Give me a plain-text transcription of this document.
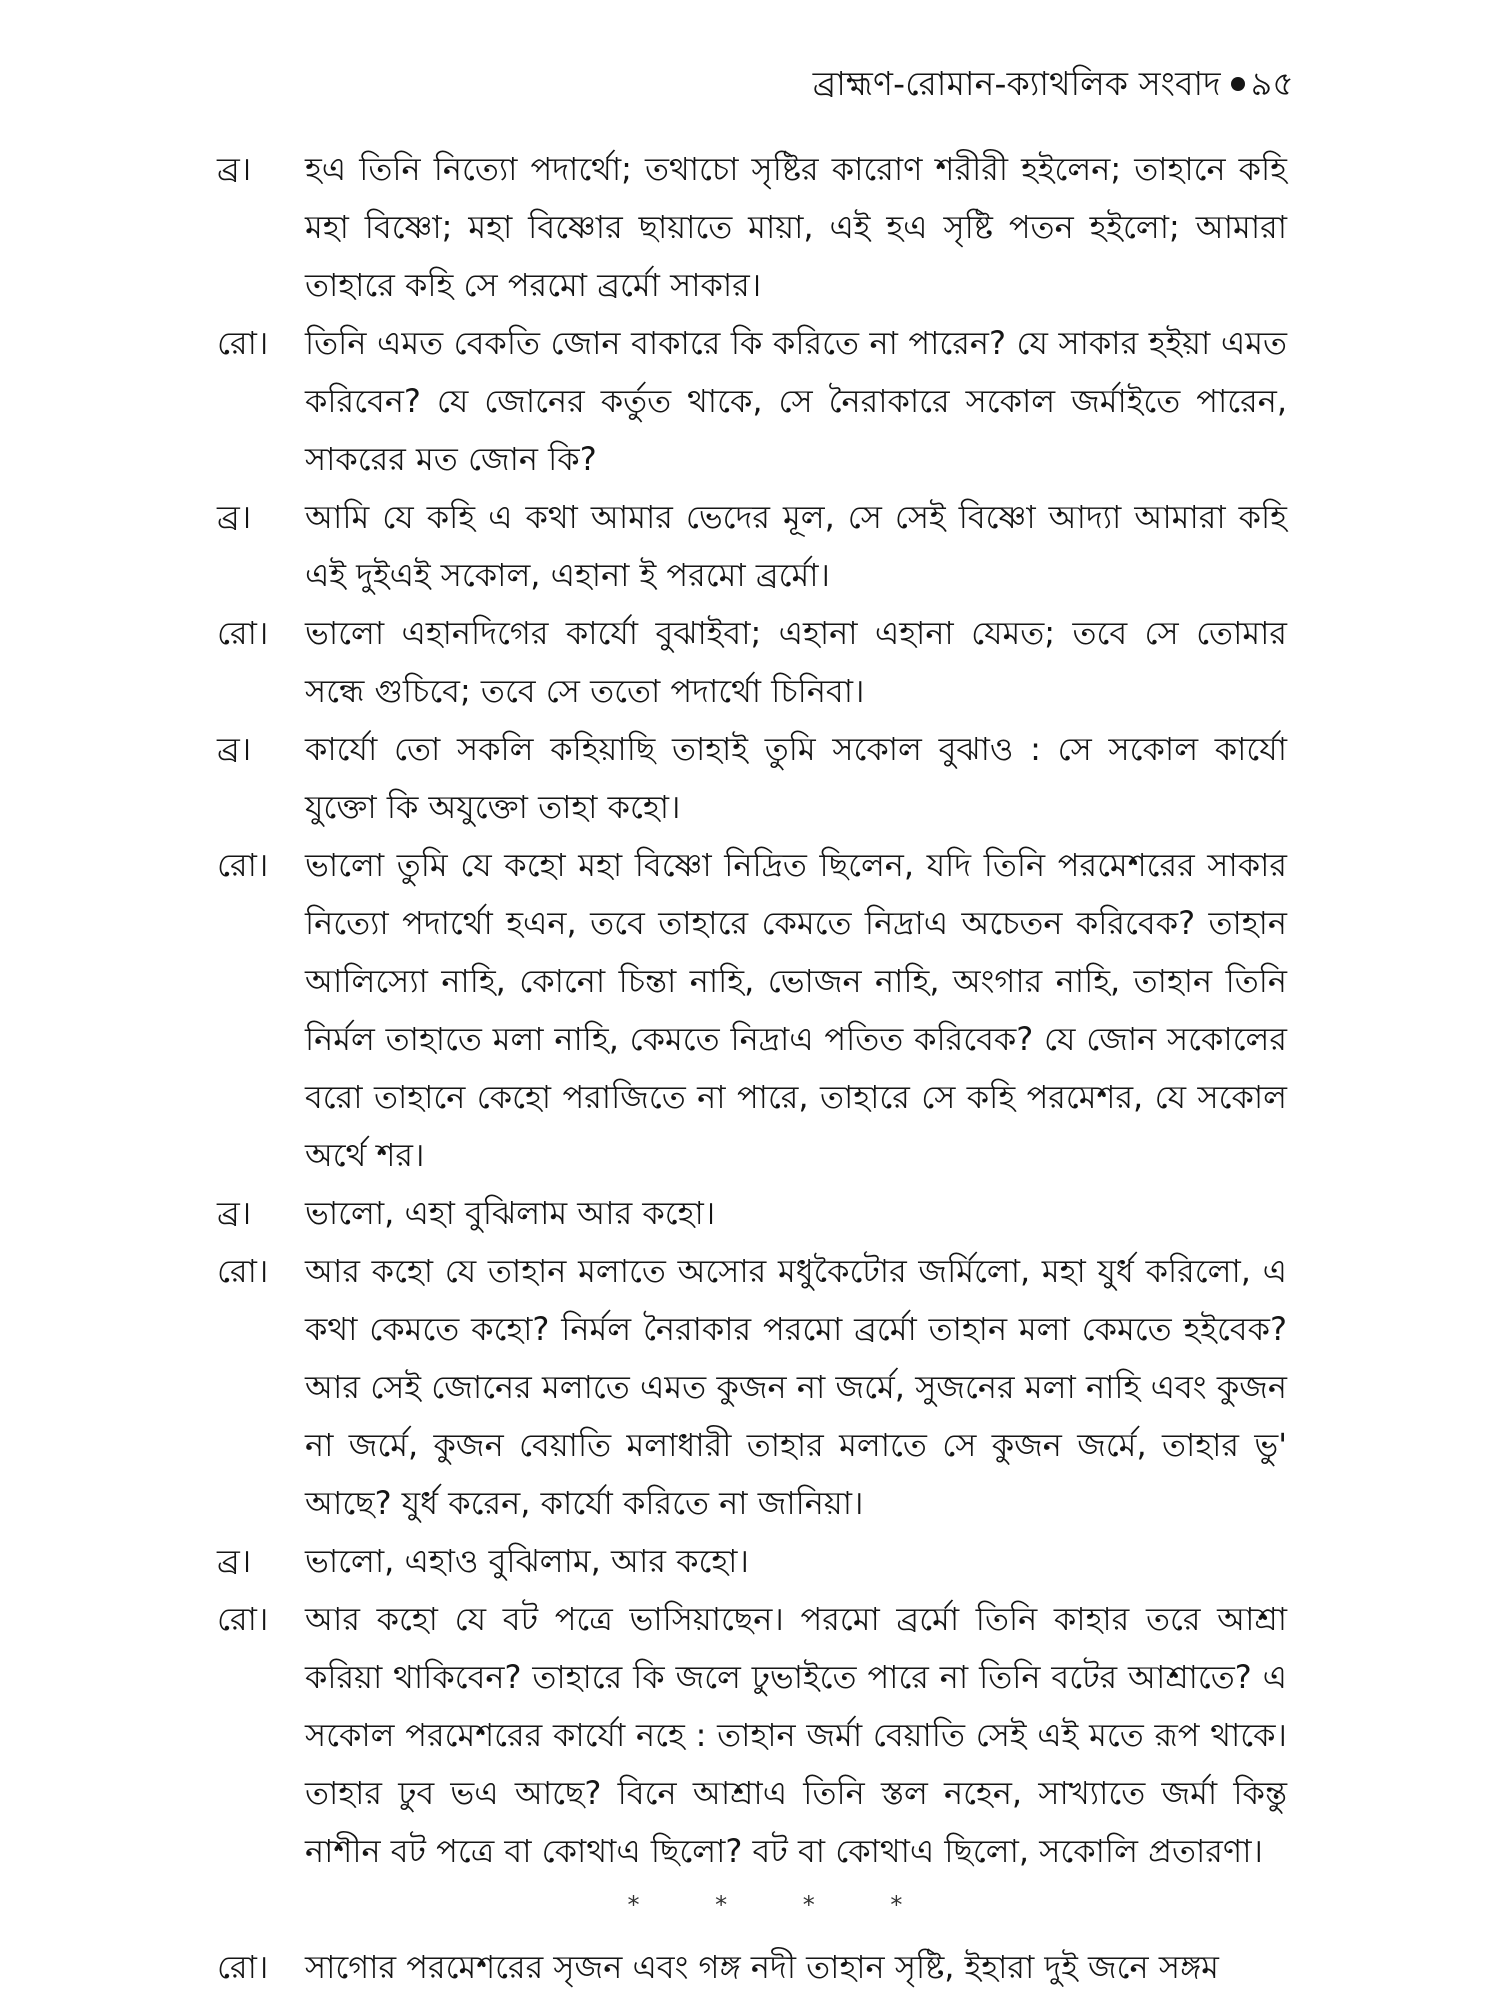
ব্রাহ্মণ-রোমান-ক্যাথলিক সংবাদ ৯৫
ব্র।	হএ তিনি নিত্যো পদার্থো; তথাচো সৃষ্টির কারোণ শরীরী হইলেন; তাহানে কহি মহা বিষ্ণো; মহা বিষ্ণোর ছায়াতে মায়া, এই হএ সৃষ্টি পতন হইলো; আমারা তাহারে কহি সে পরমো ব্রর্মো সাকার।
রো।	তিনি এমত বেকতি জোন বাকারে কি করিতে না পারেন? যে সাকার হইয়া এমত করিবেন? যে জোনের কর্তুত থাকে, সে নৈরাকারে সকোল জর্মাইতে পারেন, সাকরের মত জোন কি?
ব্র।	আমি যে কহি এ কথা আমার ভেদের মূল, সে সেই বিষ্ণো আদ্যা আমারা কহি এই দুইএই সকোল, এহানা ই পরমো ব্রর্মো।
রো।	ভালো এহানদিগের কার্যো বুঝাইবা; এহানা এহানা যেমত; তবে সে তোমার সন্ধে গুচিবে; তবে সে ততো পদার্থো চিনিবা।
ব্র।	কার্যো তো সকলি কহিয়াছি তাহাই তুমি সকোল বুঝাও : সে সকোল কার্যো যুক্তো কি অযুক্তো তাহা কহো।
রো।	ভালো তুমি যে কহো মহা বিষ্ণো নিদ্রিত ছিলেন, যদি তিনি পরমেশরের সাকার নিত্যো পদার্থো হএন, তবে তাহারে কেমতে নিদ্রাএ অচেতন করিবেক? তাহান আলিস্যো নাহি, কোনো চিন্তা নাহি, ভোজন নাহি, অংগার নাহি, তাহান তিনি নির্মল তাহাতে মলা নাহি, কেমতে নিদ্রাএ পতিত করিবেক? যে জোন সকোলের বরো তাহানে কেহো পরাজিতে না পারে, তাহারে সে কহি পরমেশর, যে সকোল অর্থে শর।
ব্র।	ভালো, এহা বুঝিলাম আর কহো।
রো।	আর কহো যে তাহান মলাতে অসোর মধুকৈটোর জর্মিলো, মহা যুর্ধ করিলো, এ কথা কেমতে কহো? নির্মল নৈরাকার পরমো ব্রর্মো তাহান মলা কেমতে হইবেক? আর সেই জোনের মলাতে এমত কুজন না জর্মে, সুজনের মলা নাহি এবং কুজন না জর্মে, কুজন বেয়াতি মলাধারী তাহার মলাতে সে কুজন জর্মে, তাহার ভু' আছে? যুর্ধ করেন, কার্যো করিতে না জানিয়া।
ব্র।	ভালো, এহাও বুঝিলাম, আর কহো।
রো।	আর কহো যে বট পত্রে ভাসিয়াছেন। পরমো ব্রর্মো তিনি কাহার তরে আশ্রা করিয়া থাকিবেন? তাহারে কি জলে ঢুভাইতে পারে না তিনি বটের আশ্রাতে? এ সকোল পরমেশরের কার্যো নহে : তাহান জর্মা বেয়াতি সেই এই মতে রূপ থাকে। তাহার ঢুব ভএ আছে? বিনে আশ্রাএ তিনি স্তল নহেন, সাখ্যাতে জর্মা কিন্তু নাশীন বট পত্রে বা কোথাএ ছিলো? বট বা কোথাএ ছিলো, সকোলি প্রতারণা।
* * * *
রো।	সাগোর পরমেশরের সৃজন এবং গঙ্গ নদী তাহান সৃষ্টি, ইহারা দুই জনে সঙ্গম
